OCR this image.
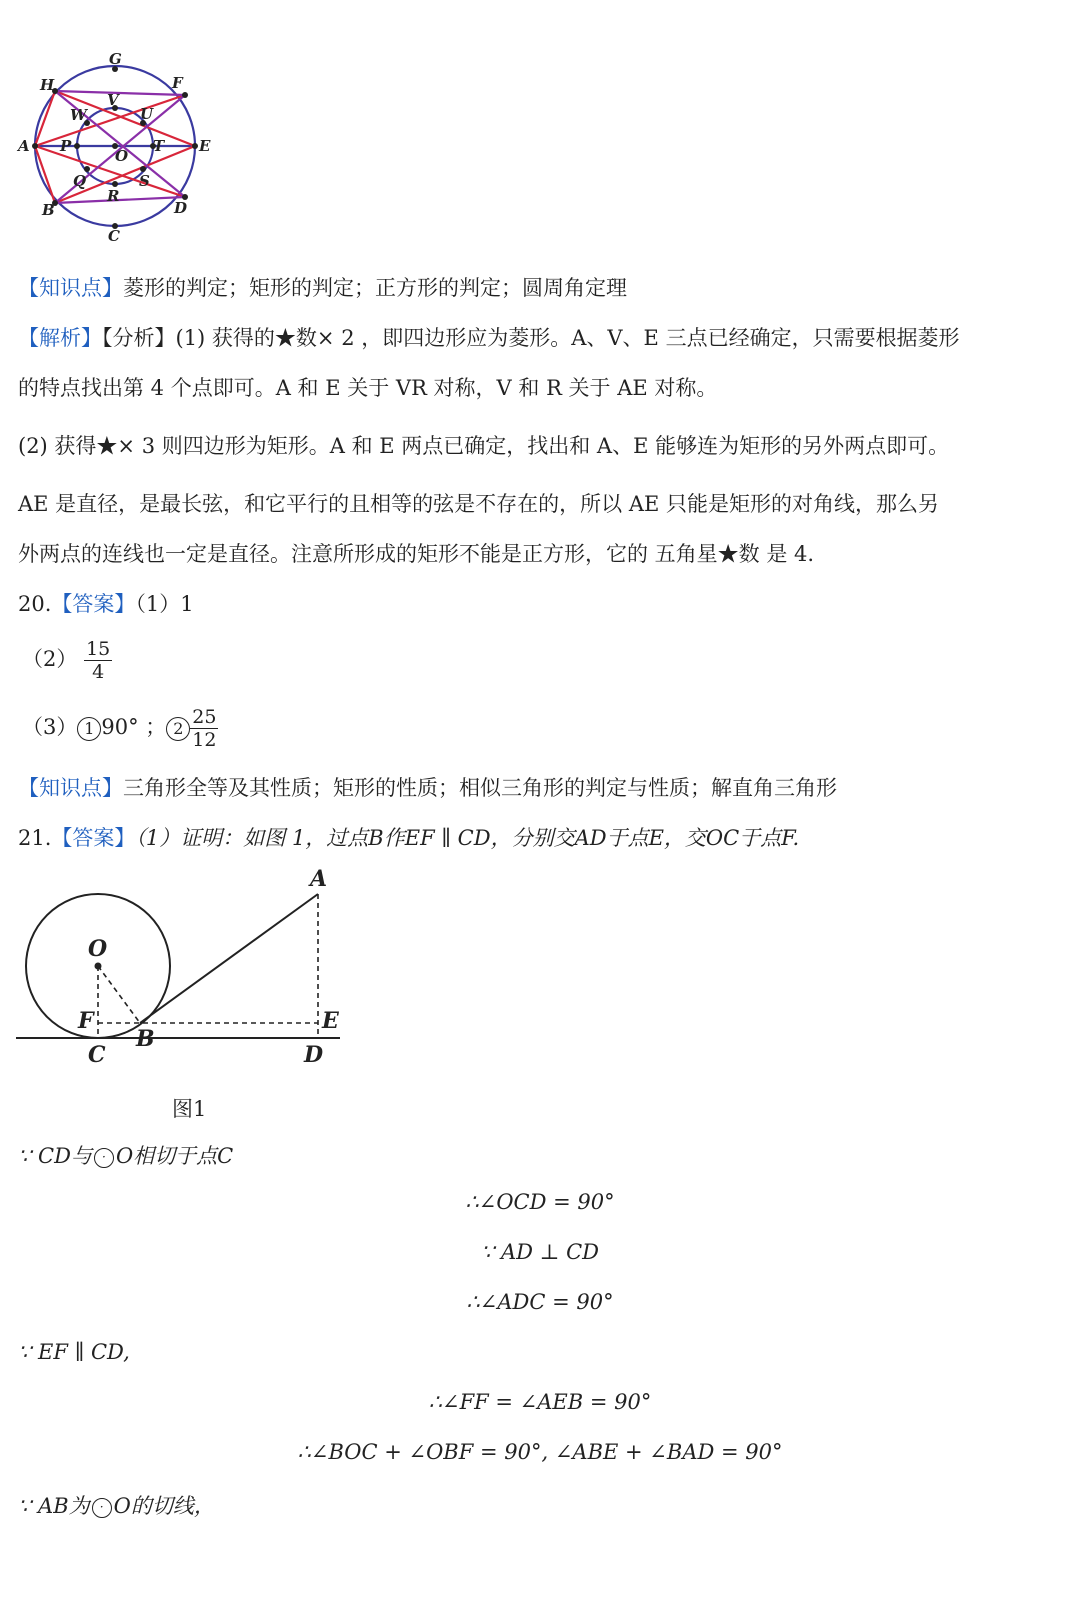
G
F
H
W
V
U
A P
O
T E
Q
R
S
B	D
C
【知识点】菱形的判定；矩形的判定；正方形的判定；圆周角定理
【解析】【分析】(1) 获得的★数× 2 ，即四边形应为菱形。A、V、E 三点已经确定，只需要根据菱形
的特点找出第 4 个点即可。A 和 E 关于 VR 对称，V 和 R 关于 AE 对称。
(2) 获得★× 3 则四边形为矩形。A 和 E 两点已确定，找出和 A、E 能够连为矩形的另外两点即可。
AE 是直径，是最长弦，和它平行的且相等的弦是不存在的，所以 AE 只能是矩形的对角线，那么另
外两点的连线也一定是直径。注意所形成的矩形不能是正方形，它的 五角星★数 是 4.
20.【答案】（1）1
$(2) \frac{15}{4}$
（3） 1 90° ； $2 \frac{25}{12}$
【知识点】三角形全等及其性质；矩形的性质；相似三角形的判定与性质；解直角三角形
21.【答案】（1）证明：如图 1，过点B作EF ∥ CD，分别交AD于点E，交OC于点F.
A
O
F
B
E
C	D
图1
∵ CD与 · O相切于点C
∴∠OCD = 90°
∵ AD ⊥ CD
∴∠ADC = 90°
∵ EF ∥ CD,
∴∠FF = ∠AEB = 90°
∴∠BOC + ∠OBF = 90°, ∠ABE + ∠BAD = 90°
∵ AB为 · O的切线，
